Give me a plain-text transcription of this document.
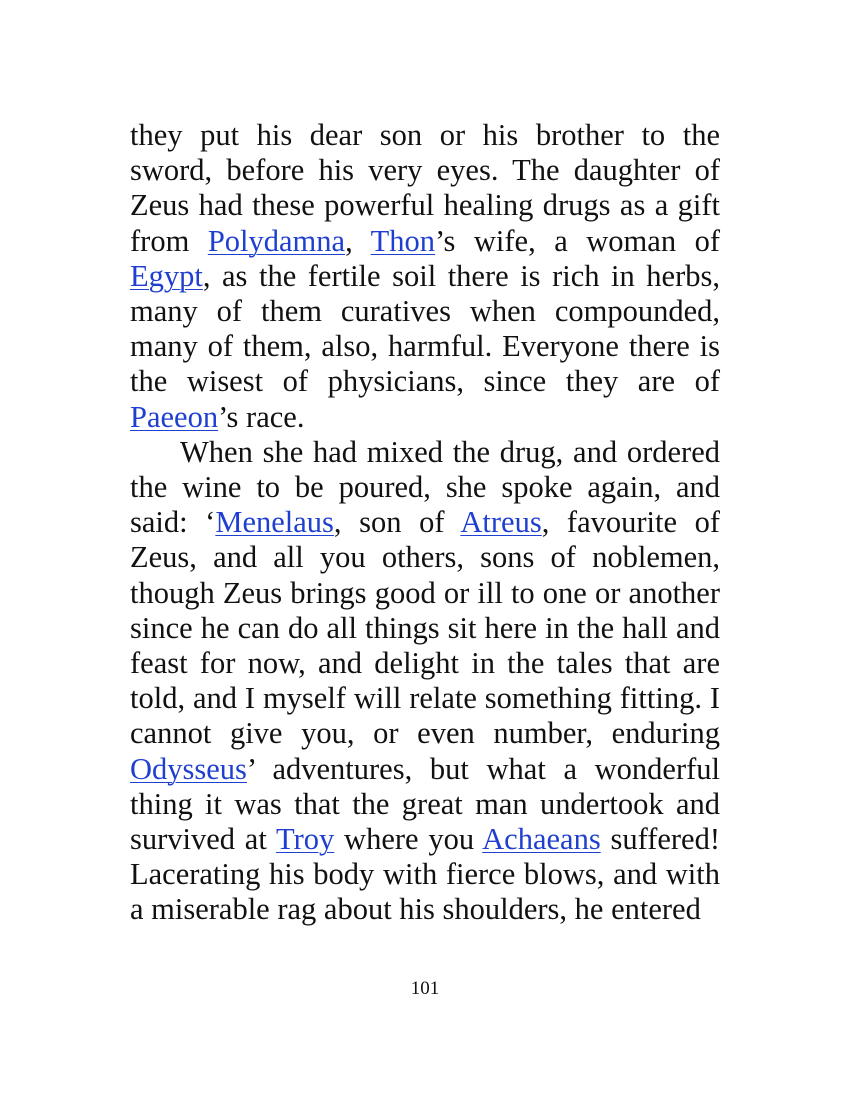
they put his dear son or his brother to the sword, before his very eyes. The daughter of Zeus had these powerful healing drugs as a gift from Polydamna, Thon’s wife, a woman of Egypt, as the fertile soil there is rich in herbs, many of them curatives when compounded, many of them, also, harmful. Everyone there is the wisest of physicians, since they are of Paeeon’s race.

When she had mixed the drug, and ordered the wine to be poured, she spoke again, and said: ‘Menelaus, son of Atreus, favourite of Zeus, and all you others, sons of noblemen, though Zeus brings good or ill to one or another since he can do all things sit here in the hall and feast for now, and delight in the tales that are told, and I myself will relate something fitting. I cannot give you, or even number, enduring Odysseus’ adventures, but what a wonderful thing it was that the great man undertook and survived at Troy where you Achaeans suffered! Lacerating his body with fierce blows, and with a miserable rag about his shoulders, he entered

101
